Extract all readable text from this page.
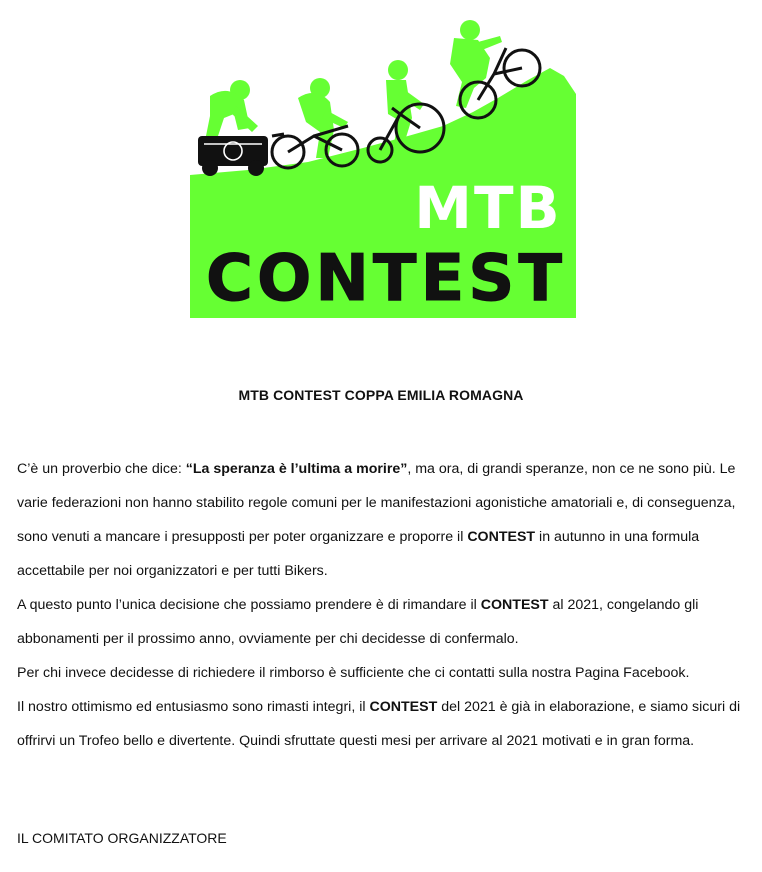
MTB
CONTEST
MTB CONTEST COPPA EMILIA ROMAGNA

C’è un proverbio che dice: “La speranza è l’ultima a morire”, ma ora, di grandi speranze, non ce ne sono più. Le varie federazioni non hanno stabilito regole comuni per le manifestazioni agonistiche amatoriali e, di conseguenza, sono venuti a mancare i presupposti per poter organizzare e proporre il CONTEST in autunno in una formula accettabile per noi organizzatori e per tutti Bikers.

A questo punto l’unica decisione che possiamo prendere è di rimandare il CONTEST al 2021, congelando gli abbonamenti per il prossimo anno, ovviamente per chi decidesse di confermalo.

Per chi invece decidesse di richiedere il rimborso è sufficiente che ci contatti sulla nostra Pagina Facebook.

Il nostro ottimismo ed entusiasmo sono rimasti integri, il CONTEST del 2021 è già in elaborazione, e siamo sicuri di offrirvi un Trofeo bello e divertente. Quindi sfruttate questi mesi per arrivare al 2021 motivati e in gran forma.

IL COMITATO ORGANIZZATORE
